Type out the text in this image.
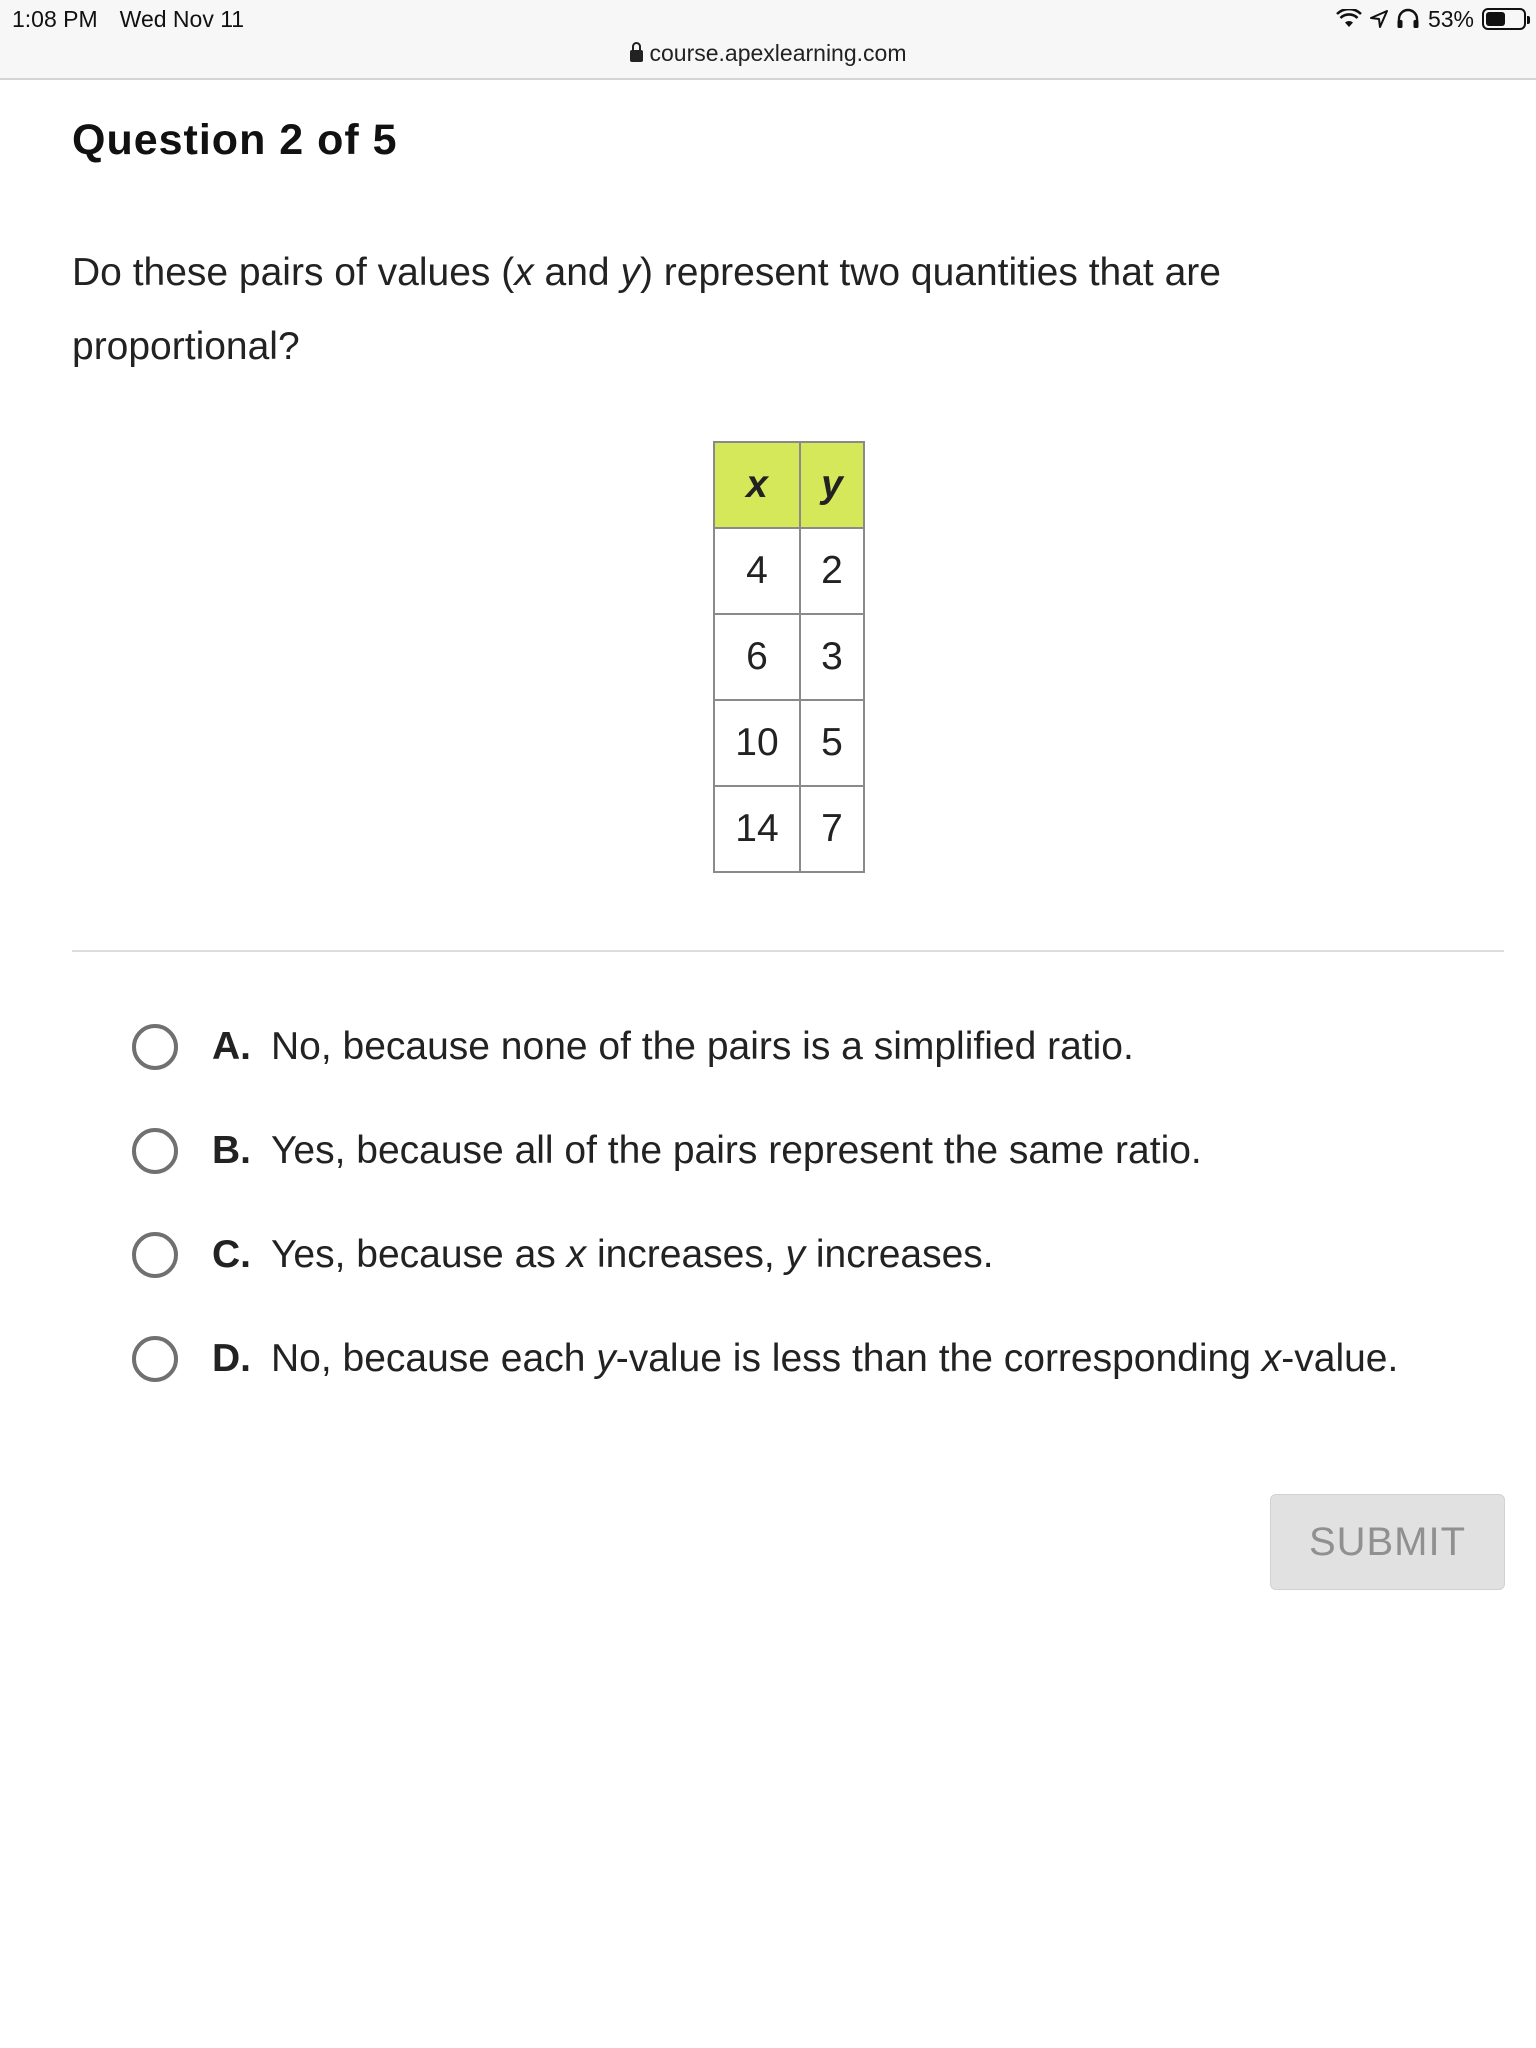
1:08 PM Wed Nov 11	53%
course.apexlearning.com
Question 2 of 5
Do these pairs of values (x and y) represent two quantities that are proportional?
x	y
4	2
6	3
10	5
14	7
A. No, because none of the pairs is a simplified ratio.
B. Yes, because all of the pairs represent the same ratio.
C. Yes, because as x increases, y increases.
D. No, because each y-value is less than the corresponding x-value.
SUBMIT
